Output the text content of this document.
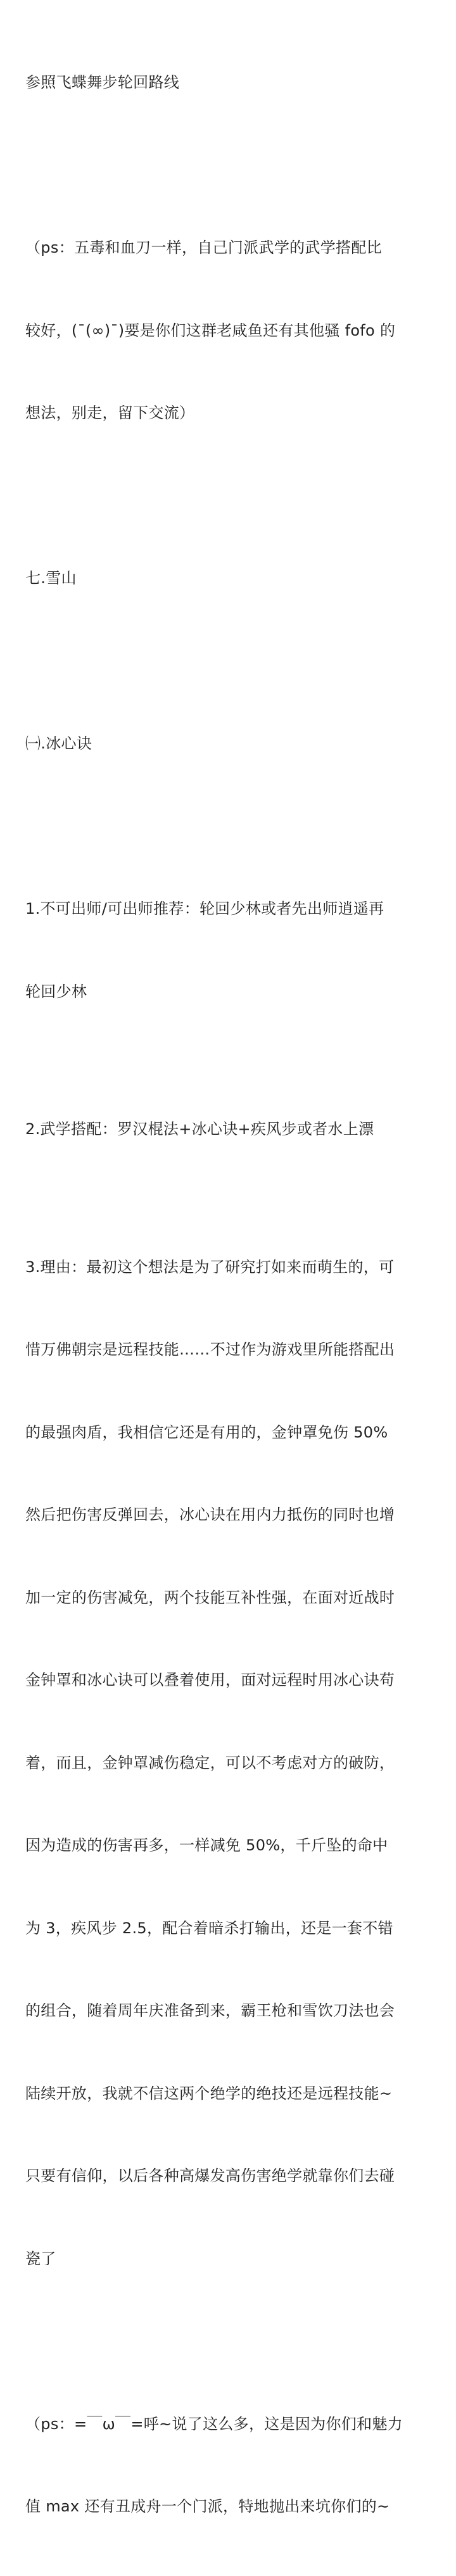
参照飞蝶舞步轮回路线

（ps：五毒和血刀一样，自己门派武学的武学搭配比

较好，(¯(∞)¯)要是你们这群老咸鱼还有其他骚 fofo 的

想法，别走，留下交流）

七.雪山

㈠.冰心诀

1.不可出师/可出师推荐：轮回少林或者先出师逍遥再

轮回少林

2.武学搭配：罗汉棍法+冰心诀+疾风步或者水上漂

3.理由：最初这个想法是为了研究打如来而萌生的，可

惜万佛朝宗是远程技能……不过作为游戏里所能搭配出

的最强肉盾，我相信它还是有用的，金钟罩免伤 50%

然后把伤害反弹回去，冰心诀在用内力抵伤的同时也增

加一定的伤害减免，两个技能互补性强，在面对近战时

金钟罩和冰心诀可以叠着使用，面对远程时用冰心诀苟

着，而且，金钟罩减伤稳定，可以不考虑对方的破防，

因为造成的伤害再多，一样减免 50%，千斤坠的命中

为 3，疾风步 2.5，配合着暗杀打输出，还是一套不错

的组合，随着周年庆准备到来，霸王枪和雪饮刀法也会

陆续开放，我就不信这两个绝学的绝技还是远程技能~

只要有信仰，以后各种高爆发高伤害绝学就靠你们去碰

瓷了

（ps：=￣ω￣=呼~说了这么多，这是因为你们和魅力

值 max 还有丑成舟一个门派，特地抛出来坑你们的~
